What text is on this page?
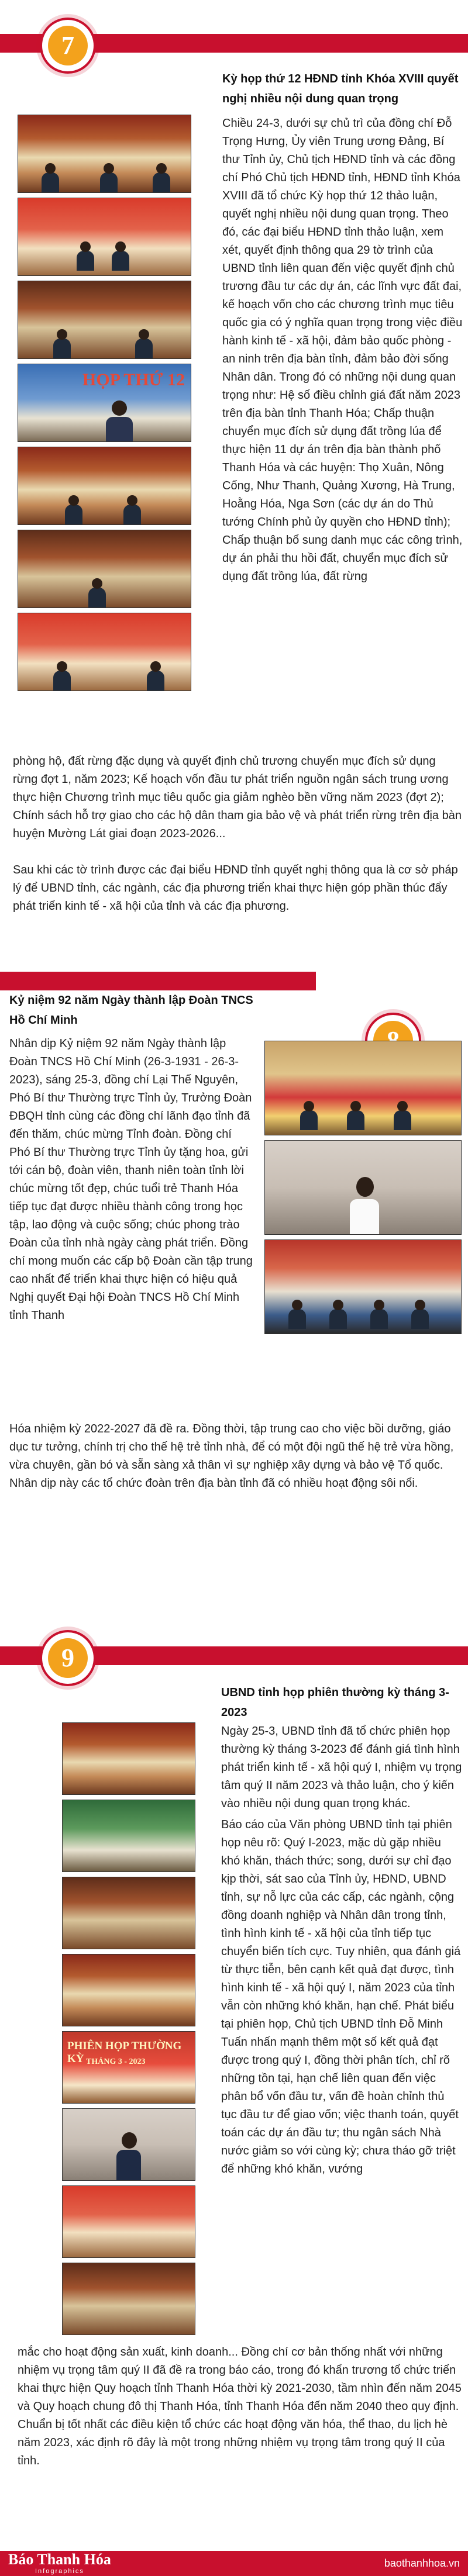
7
Kỳ họp thứ 12 HĐND tỉnh Khóa XVIII quyết nghị nhiều nội dung quan trọng
HỌP THỨ 12

Chiều 24-3, dưới sự chủ trì của đồng chí Đỗ Trọng Hưng, Ủy viên Trung ương Đảng, Bí thư Tỉnh ủy, Chủ tịch HĐND tỉnh và các đồng chí Phó Chủ tịch HĐND tỉnh, HĐND tỉnh Khóa XVIII đã tổ chức Kỳ họp thứ 12 thảo luận, quyết nghị nhiều nội dung quan trọng. Theo đó, các đại biểu HĐND tỉnh thảo luận, xem xét, quyết định thông qua 29 tờ trình của UBND tỉnh liên quan đến việc quyết định chủ trương đầu tư các dự án, các lĩnh vực đất đai, kế hoạch vốn cho các chương trình mục tiêu quốc gia có ý nghĩa quan trọng trong việc điều hành kinh tế - xã hội, đảm bảo quốc phòng - an ninh trên địa bàn tỉnh, đảm bảo đời sống Nhân dân. Trong đó có những nội dung quan trọng như: Hệ số điều chỉnh giá đất năm 2023 trên địa bàn tỉnh Thanh Hóa; Chấp thuận chuyển mục đích sử dụng đất trồng lúa để thực hiện 11 dự án trên địa bàn thành phố Thanh Hóa và các huyện: Thọ Xuân, Nông Cống, Như Thanh, Quảng Xương, Hà Trung, Hoằng Hóa, Nga Sơn (các dự án do Thủ tướng Chính phủ ủy quyền cho HĐND tỉnh); Chấp thuận bổ sung danh mục các công trình, dự án phải thu hồi đất, chuyển mục đích sử dụng đất trồng lúa, đất rừng

phòng hộ, đất rừng đặc dụng và quyết định chủ trương chuyển mục đích sử dụng rừng đợt 1, năm 2023; Kế hoạch vốn đầu tư phát triển nguồn ngân sách trung ương thực hiện Chương trình mục tiêu quốc gia giảm nghèo bền vững năm 2023 (đợt 2); Chính sách hỗ trợ giao cho các hộ dân tham gia bảo vệ và phát triển rừng trên địa bàn huyện Mường Lát giai đoạn 2023-2026...

Sau khi các tờ trình được các đại biểu HĐND tỉnh quyết nghị thông qua là cơ sở pháp lý để UBND tỉnh, các ngành, các địa phương triển khai thực hiện góp phần thúc đẩy phát triển kinh tế - xã hội của tỉnh và các địa phương.

Kỷ niệm 92 năm Ngày thành lập Đoàn TNCS Hồ Chí Minh

Nhân dịp Kỷ niệm 92 năm Ngày thành lập Đoàn TNCS Hồ Chí Minh (26-3-1931 - 26-3-2023), sáng 25-3, đồng chí Lại Thế Nguyên, Phó Bí thư Thường trực Tỉnh ủy, Trưởng Đoàn ĐBQH tỉnh cùng các đồng chí lãnh đạo tỉnh đã đến thăm, chúc mừng Tỉnh đoàn. Đồng chí Phó Bí thư Thường trực Tỉnh ủy tặng hoa, gửi tới cán bộ, đoàn viên, thanh niên toàn tỉnh lời chúc mừng tốt đẹp, chúc tuổi trẻ Thanh Hóa tiếp tục đạt được nhiều thành công trong học tập, lao động và cuộc sống; chúc phong trào Đoàn của tỉnh nhà ngày càng phát triển. Đồng chí mong muốn các cấp bộ Đoàn cần tập trung cao nhất để triển khai thực hiện có hiệu quả Nghị quyết Đại hội Đoàn TNCS Hồ Chí Minh tỉnh Thanh

Hóa nhiệm kỳ 2022-2027 đã đề ra. Đồng thời, tập trung cao cho việc bồi dưỡng, giáo dục tư tưởng, chính trị cho thế hệ trẻ tỉnh nhà, để có một đội ngũ thế hệ trẻ vừa hồng, vừa chuyên, gần bó và sẵn sàng xả thân vì sự nghiệp xây dựng và bảo vệ Tổ quốc. Nhân dịp này các tổ chức đoàn trên địa bàn tỉnh đã có nhiều hoạt động sôi nổi.

9
UBND tỉnh họp phiên thường kỳ tháng 3-2023
PHIÊN HỌP THƯỜNG KỲ THÁNG 3 - 2023

Ngày 25-3, UBND tỉnh đã tổ chức phiên họp thường kỳ tháng 3-2023 để đánh giá tình hình phát triển kinh tế - xã hội quý I, nhiệm vụ trọng tâm quý II năm 2023 và thảo luận, cho ý kiến vào nhiều nội dung quan trọng khác.

Báo cáo của Văn phòng UBND tỉnh tại phiên họp nêu rõ: Quý I-2023, mặc dù gặp nhiều khó khăn, thách thức; song, dưới sự chỉ đạo kịp thời, sát sao của Tỉnh ủy, HĐND, UBND tỉnh, sự nỗ lực của các cấp, các ngành, cộng đồng doanh nghiệp và Nhân dân trong tỉnh, tình hình kinh tế - xã hội của tỉnh tiếp tục chuyển biến tích cực. Tuy nhiên, qua đánh giá từ thực tiễn, bên cạnh kết quả đạt được, tình hình kinh tế - xã hội quý I, năm 2023 của tỉnh vẫn còn những khó khăn, hạn chế. Phát biểu tại phiên họp, Chủ tịch UBND tỉnh Đỗ Minh Tuấn nhấn mạnh thêm một số kết quả đạt được trong quý I, đồng thời phân tích, chỉ rõ những tồn tại, hạn chế liên quan đến việc phân bổ vốn đầu tư, vấn đề hoàn chỉnh thủ tục đầu tư để giao vốn; việc thanh toán, quyết toán các dự án đầu tư; thu ngân sách Nhà nước giảm so với cùng kỳ; chưa tháo gỡ triệt để những khó khăn, vướng

mắc cho hoạt động sản xuất, kinh doanh... Đồng chí cơ bản thống nhất với những nhiệm vụ trọng tâm quý II đã đề ra trong báo cáo, trong đó khẩn trương tổ chức triển khai thực hiện Quy hoạch tỉnh Thanh Hóa thời kỳ 2021-2030, tầm nhìn đến năm 2045 và Quy hoạch chung đô thị Thanh Hóa, tỉnh Thanh Hóa đến năm 2040 theo quy định. Chuẩn bị tốt nhất các điều kiện tổ chức các hoạt động văn hóa, thể thao, du lịch hè năm 2023, xác định rõ đây là một trong những nhiệm vụ trọng tâm trong quý II của tỉnh.

Báo Thanh Hóa
Infographics
baothanhhoa.vn
